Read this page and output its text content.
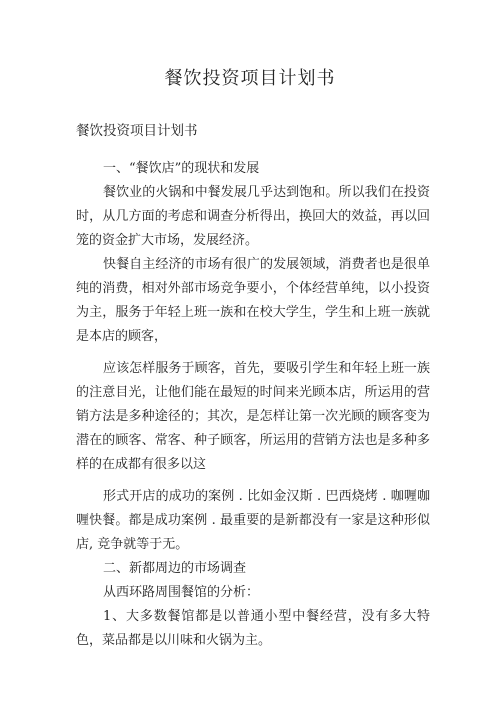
餐饮投资项目计划书
餐饮投资项目计划书

一、“餐饮店”的现状和发展

餐饮业的火锅和中餐发展几乎达到饱和。所以我们在投资时，从几方面的考虑和调查分析得出，换回大的效益，再以回笼的资金扩大市场，发展经济。

快餐自主经济的市场有很广的发展领域，消费者也是很单纯的消费，相对外部市场竞争要小，个体经营单纯，以小投资为主，服务于年轻上班一族和在校大学生，学生和上班一族就是本店的顾客，

应该怎样服务于顾客，首先，要吸引学生和年轻上班一族的注意目光，让他们能在最短的时间来光顾本店，所运用的营销方法是多种途径的；其次，是怎样让第一次光顾的顾客变为潜在的顾客、常客、种子顾客，所运用的营销方法也是多种多样的在成都有很多以这

形式开店的成功的案例 . 比如金汉斯 . 巴西烧烤 . 咖喱咖喱快餐。都是成功案例 . 最重要的是新都没有一家是这种形似店, 竞争就等于无。

二、新都周边的市场调查

从西环路周围餐馆的分析：

1、大多数餐馆都是以普通小型中餐经营，没有多大特色，菜品都是以川味和火锅为主。
